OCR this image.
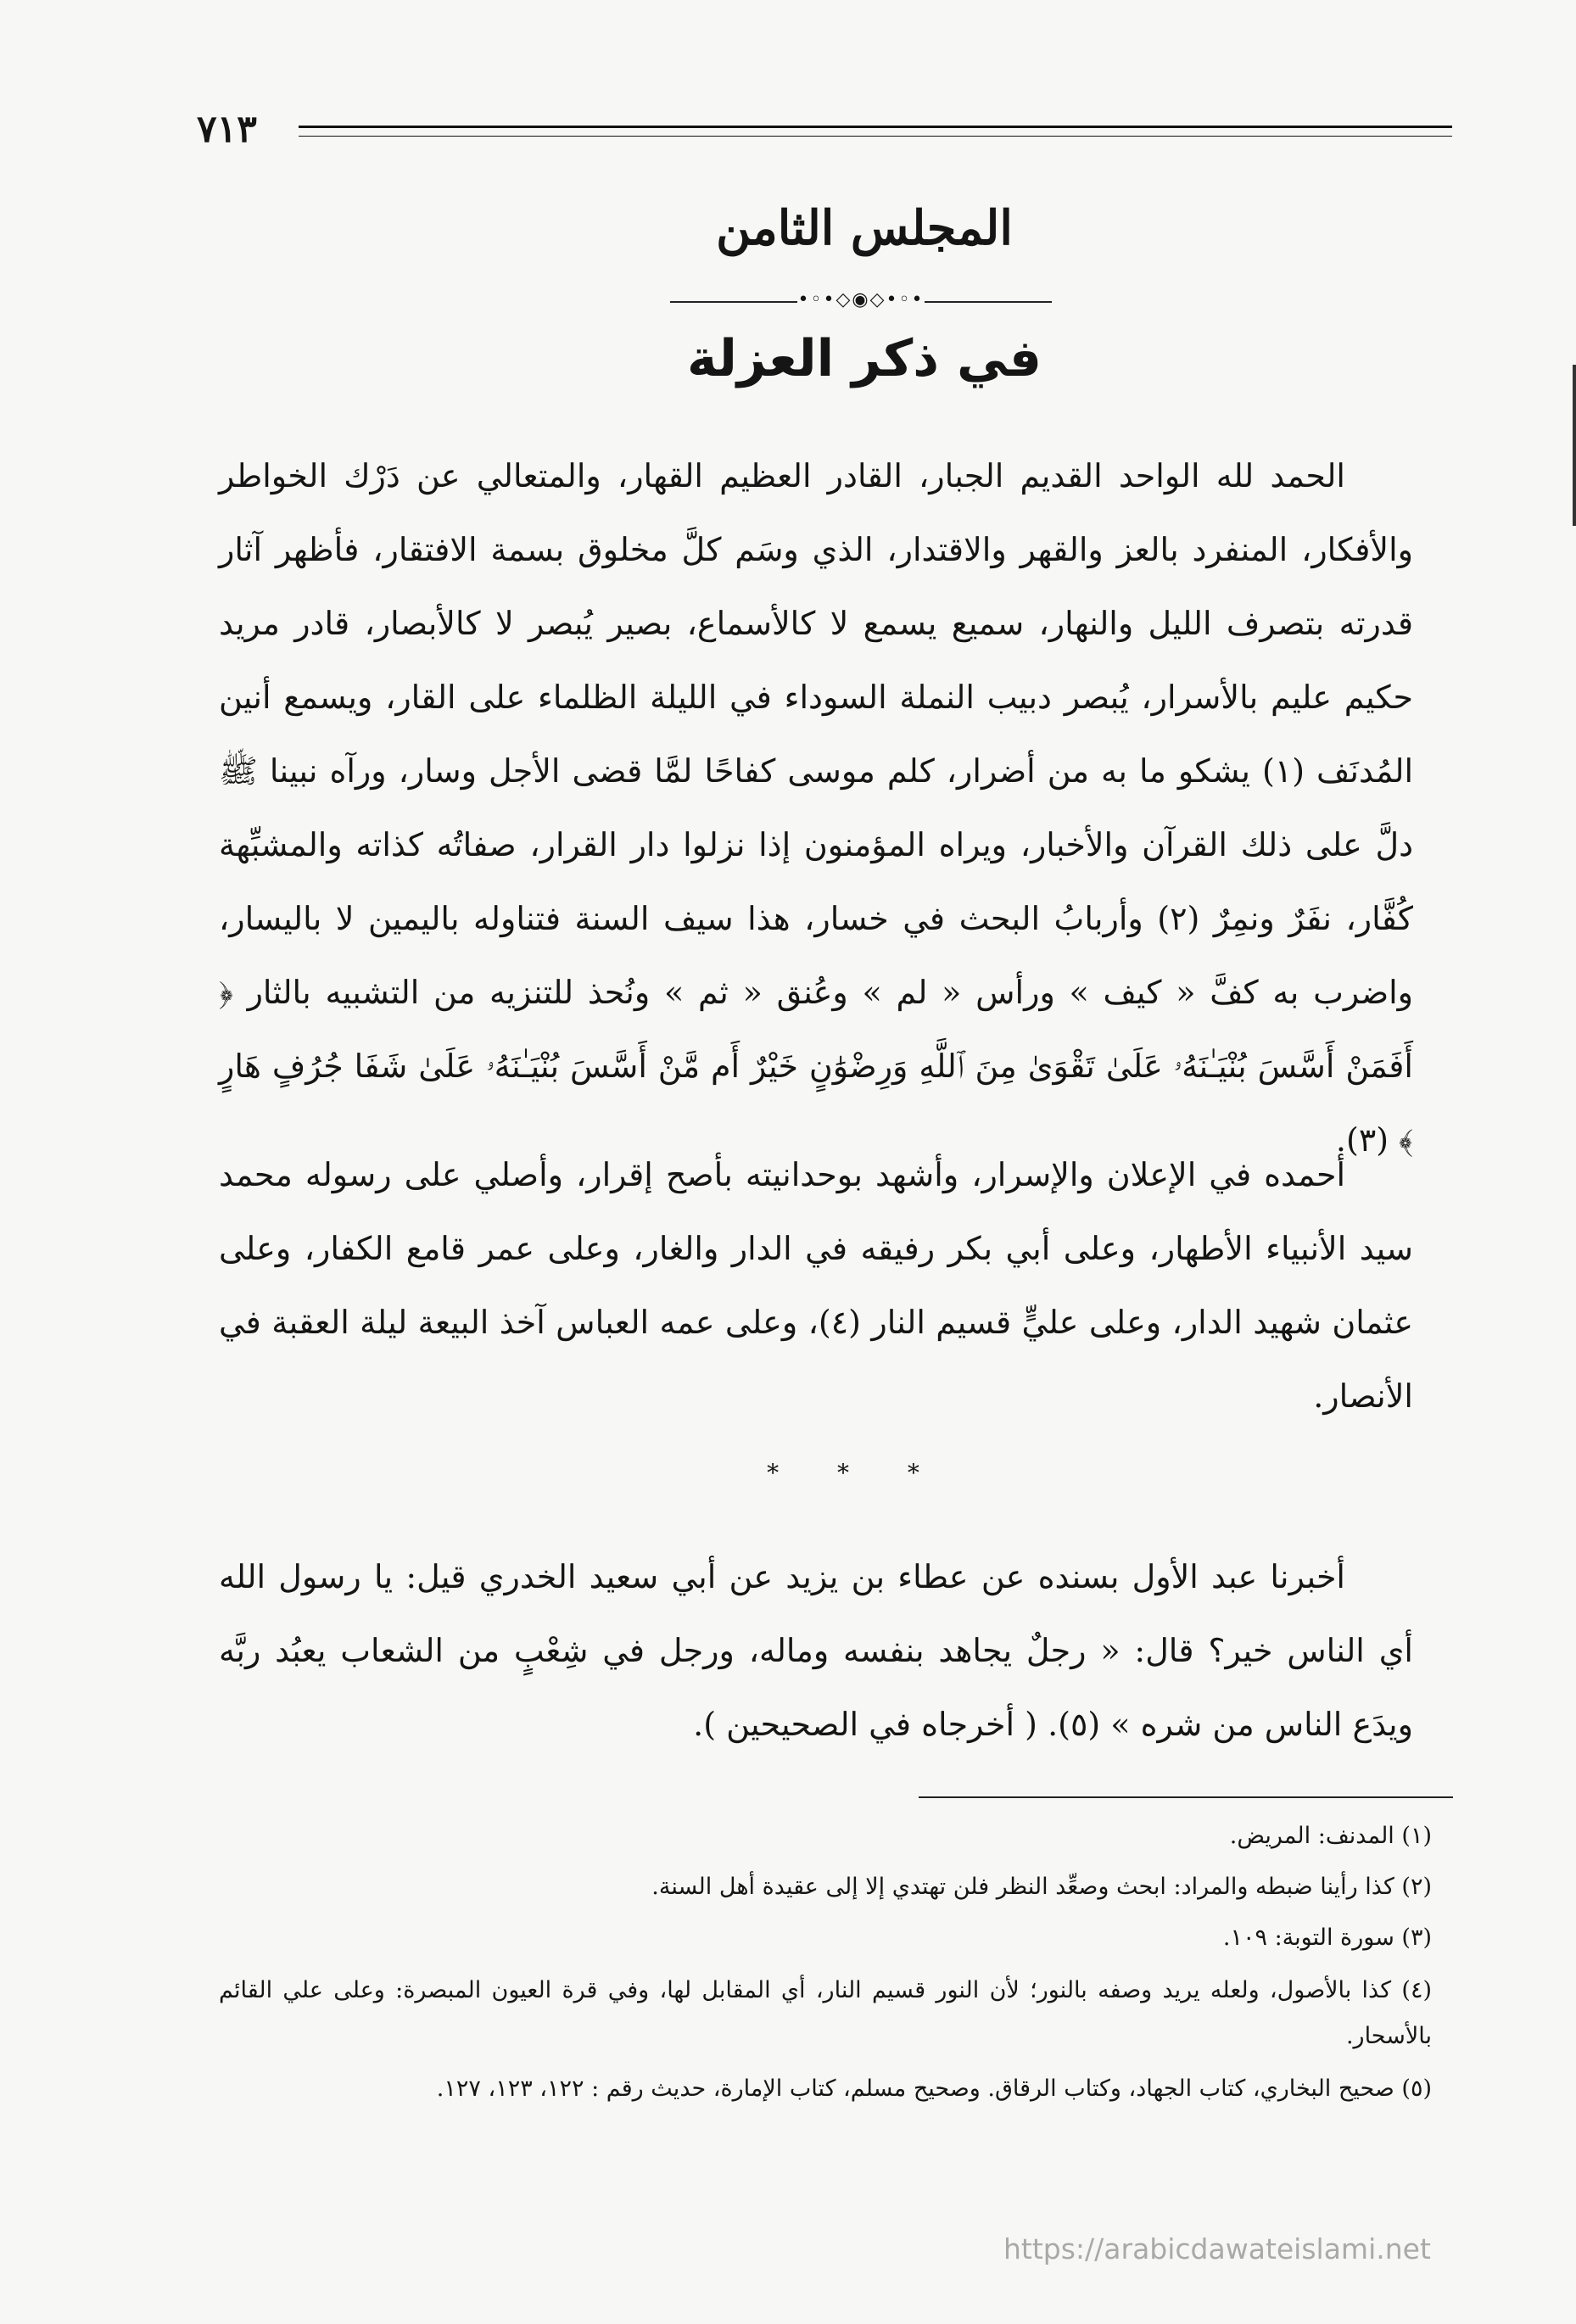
٧١٣
المجلس الثامن
•◦•◇◉◇•◦•
في ذكر العزلة

الحمد لله الواحد القديم الجبار، القادر العظيم القهار، والمتعالي عن دَرْك الخواطر والأفكار، المنفرد بالعز والقهر والاقتدار، الذي وسَم كلَّ مخلوق بسمة الافتقار، فأظهر آثار قدرته بتصرف الليل والنهار، سميع يسمع لا كالأسماع، بصير يُبصر لا كالأبصار، قادر مريد حكيم عليم بالأسرار، يُبصر دبيب النملة السوداء في الليلة الظلماء على القار، ويسمع أنين المُدنَف (١) يشكو ما به من أضرار، كلم موسى كفاحًا لمَّا قضى الأجل وسار، ورآه نبينا ﷺ دلَّ على ذلك القرآن والأخبار، ويراه المؤمنون إذا نزلوا دار القرار، صفاتُه كذاته والمشبِّهة كُفَّار، نفَرٌ ونمِرٌ (٢) وأربابُ البحث في خسار، هذا سيف السنة فتناوله باليمين لا باليسار، واضرب به كفَّ « كيف » ورأس « لم » وعُنق « ثم » ونُحذ للتنزيه من التشبيه بالثار ﴿ أَفَمَنْ أَسَّسَ بُنْيَـٰنَهُۥ عَلَىٰ تَقْوَىٰ مِنَ ٱللَّهِ وَرِضْوَٰنٍ خَيْرٌ أَم مَّنْ أَسَّسَ بُنْيَـٰنَهُۥ عَلَىٰ شَفَا جُرُفٍ هَارٍ ﴾ (٣).

أحمده في الإعلان والإسرار، وأشهد بوحدانيته بأصح إقرار، وأصلي على رسوله محمد سيد الأنبياء الأطهار، وعلى أبي بكر رفيقه في الدار والغار، وعلى عمر قامع الكفار، وعلى عثمان شهيد الدار، وعلى عليٍّ قسيم النار (٤)، وعلى عمه العباس آخذ البيعة ليلة العقبة في الأنصار.

* * *

أخبرنا عبد الأول بسنده عن عطاء بن يزيد عن أبي سعيد الخدري قيل: يا رسول الله أي الناس خير؟ قال: « رجلٌ يجاهد بنفسه وماله، ورجل في شِعْبٍ من الشعاب يعبُد ربَّه ويدَع الناس من شره » (٥). ( أخرجاه في الصحيحين ).

(١) المدنف: المريض.

(٢) كذا رأينا ضبطه والمراد: ابحث وصعِّد النظر فلن تهتدي إلا إلى عقيدة أهل السنة.

(٣) سورة التوبة: ١٠٩.

(٤) كذا بالأصول، ولعله يريد وصفه بالنور؛ لأن النور قسيم النار، أي المقابل لها، وفي قرة العيون المبصرة: وعلى علي القائم بالأسحار.

(٥) صحيح البخاري، كتاب الجهاد، وكتاب الرقاق. وصحيح مسلم، كتاب الإمارة، حديث رقم : ١٢٢، ١٢٣، ١٢٧.

https://arabicdawateislami.net
